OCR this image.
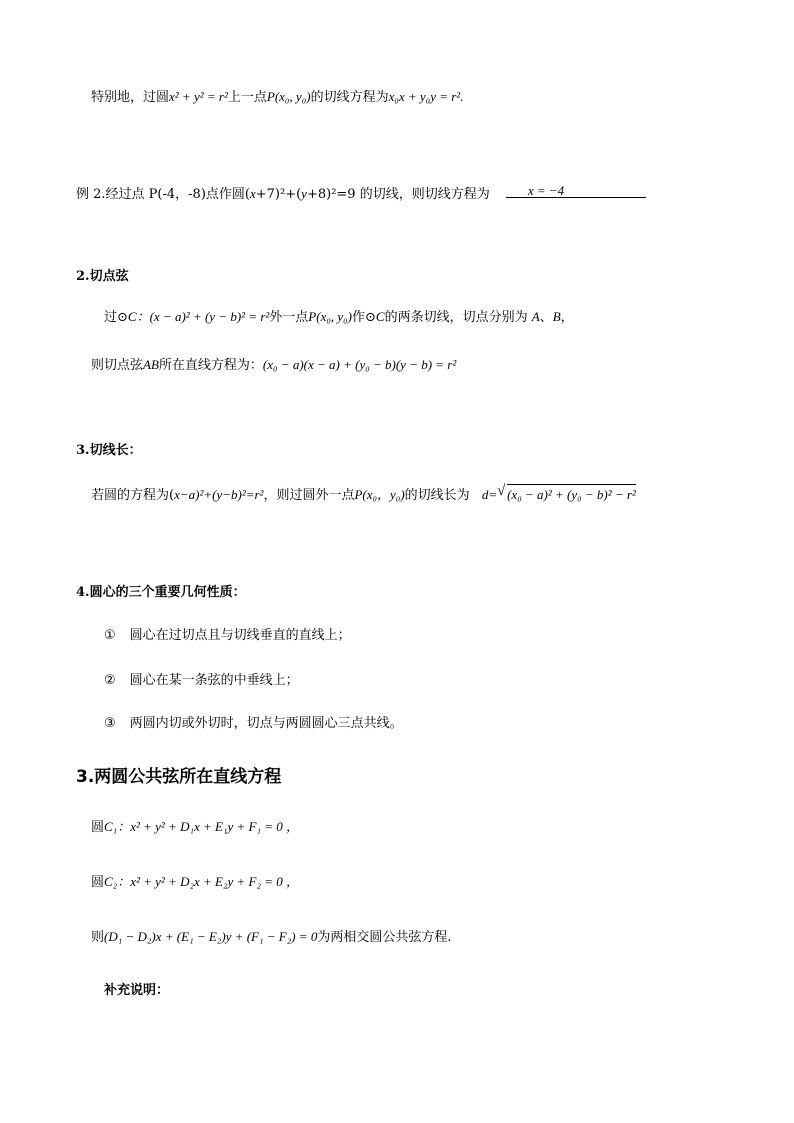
特别地，过圆x² + y² = r²上一点P(x₀, y₀)的切线方程为x₀x + y₀y = r².
例 2.经过点 P(-4，-8)点作圆(x+7)²+(y+8)²=9 的切线，则切线方程为	x = −4
2.切点弦
过⊙C：(x − a)² + (y − b)² = r²外一点P(x₀, y₀)作⊙C的两条切线，切点分别为 A、B，
则切点弦AB所在直线方程为：(x₀ − a)(x − a) + (y₀ − b)(y − b) = r²
3.切线长：
若圆的方程为(x−a)²+(y−b)²=r²，则过圆外一点P(x₀，y₀)的切线长为 d= √ (x₀ − a)² + (y₀ − b)² − r²
4.圆心的三个重要几何性质：
① 圆心在过切点且与切线垂直的直线上；
② 圆心在某一条弦的中垂线上；
③ 两圆内切或外切时，切点与两圆圆心三点共线。
3.两圆公共弦所在直线方程
圆C₁：x² + y² + D₁x + E₁y + F₁ = 0 ，
圆C₂：x² + y² + D₂x + E₂y + F₂ = 0 ，
则(D₁ − D₂)x + (E₁ − E₂)y + (F₁ − F₂) = 0为两相交圆公共弦方程.
补充说明：
